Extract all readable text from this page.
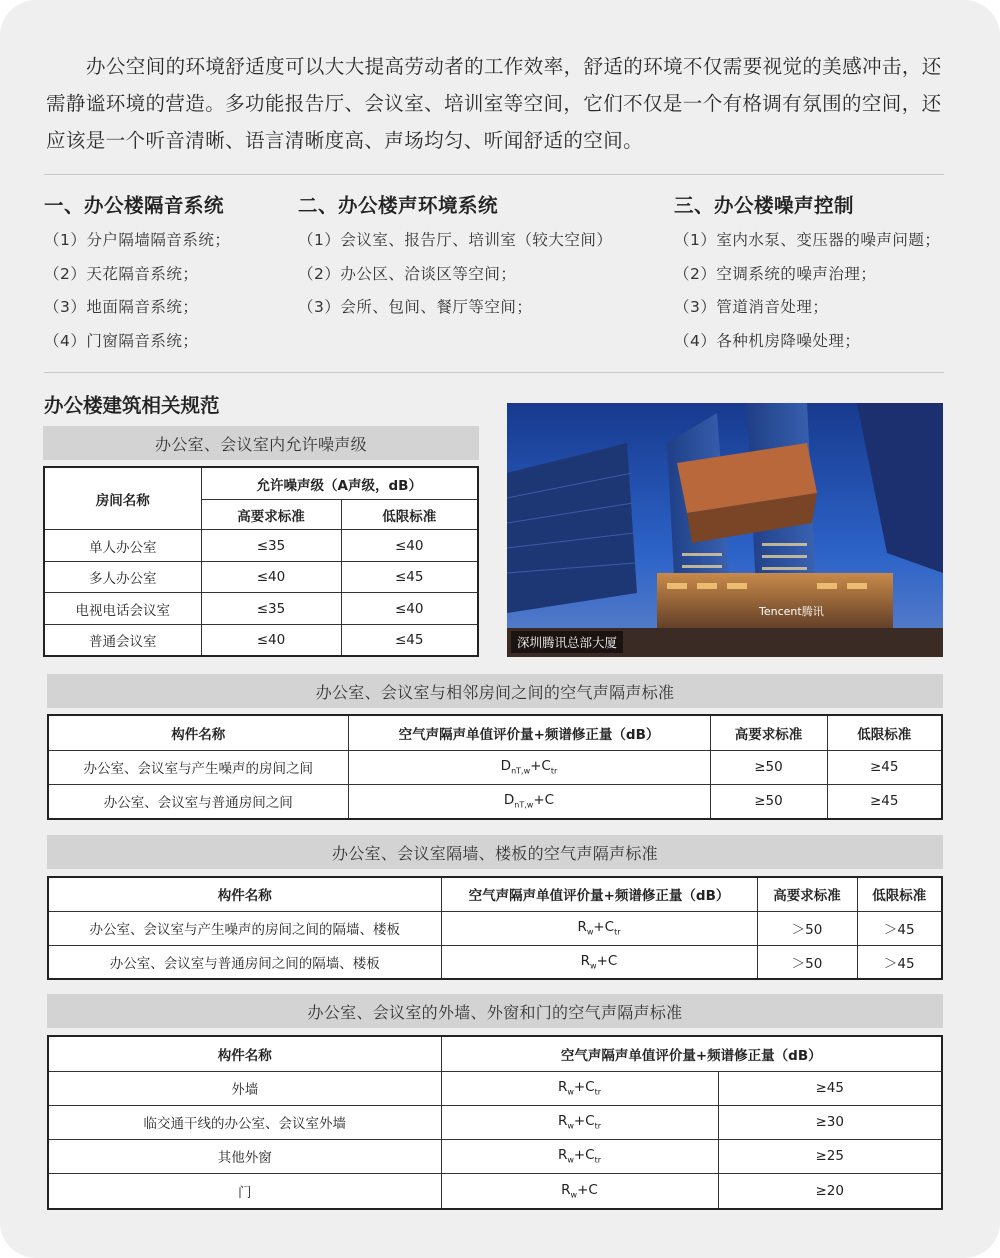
办公空间的环境舒适度可以大大提高劳动者的工作效率，舒适的环境不仅需要视觉的美感冲击，还需静谧环境的营造。多功能报告厅、会议室、培训室等空间，它们不仅是一个有格调有氛围的空间，还应该是一个听音清晰、语言清晰度高、声场均匀、听闻舒适的空间。

一、办公楼隔音系统
（1）分户隔墙隔音系统；
（2）天花隔音系统；
（3）地面隔音系统；
（4）门窗隔音系统；
二、办公楼声环境系统
（1）会议室、报告厅、培训室（较大空间）
（2）办公区、洽谈区等空间；
（3）会所、包间、餐厅等空间；
三、办公楼噪声控制
（1）室内水泵、变压器的噪声问题；
（2）空调系统的噪声治理；
（3）管道消音处理；
（4）各种机房降噪处理；
办公楼建筑相关规范
办公室、会议室内允许噪声级
房间名称	允许噪声级（A声级，dB）	
	高要求标准	低限标准
单人办公室	≤35	≤40
多人办公室	≤40	≤45
电视电话会议室	≤35	≤40
普通会议室	≤40	≤45
Tencent腾讯
深圳腾讯总部大厦
办公室、会议室与相邻房间之间的空气声隔声标准
构件名称	空气声隔声单值评价量+频谱修正量（dB）	高要求标准	低限标准
办公室、会议室与产生噪声的房间之间	$D_{nT,w}+C_{tr}$	≥50	≥45
办公室、会议室与普通房间之间	$D_{nT,w}+C$	≥50	≥45
办公室、会议室隔墙、楼板的空气声隔声标准
构件名称	空气声隔声单值评价量+频谱修正量（dB）	高要求标准	低限标准
办公室、会议室与产生噪声的房间之间的隔墙、楼板	$R_w+C_{tr}$	＞50	＞45
办公室、会议室与普通房间之间的隔墙、楼板	$R_w+C$	＞50	＞45
办公室、会议室的外墙、外窗和门的空气声隔声标准
构件名称	空气声隔声单值评价量+频谱修正量（dB）	
外墙	$R_w+C_{tr}$	≥45
临交通干线的办公室、会议室外墙	$R_w+C_{tr}$	≥30
其他外窗	$R_w+C_{tr}$	≥25
门	$R_w+C$	≥20
